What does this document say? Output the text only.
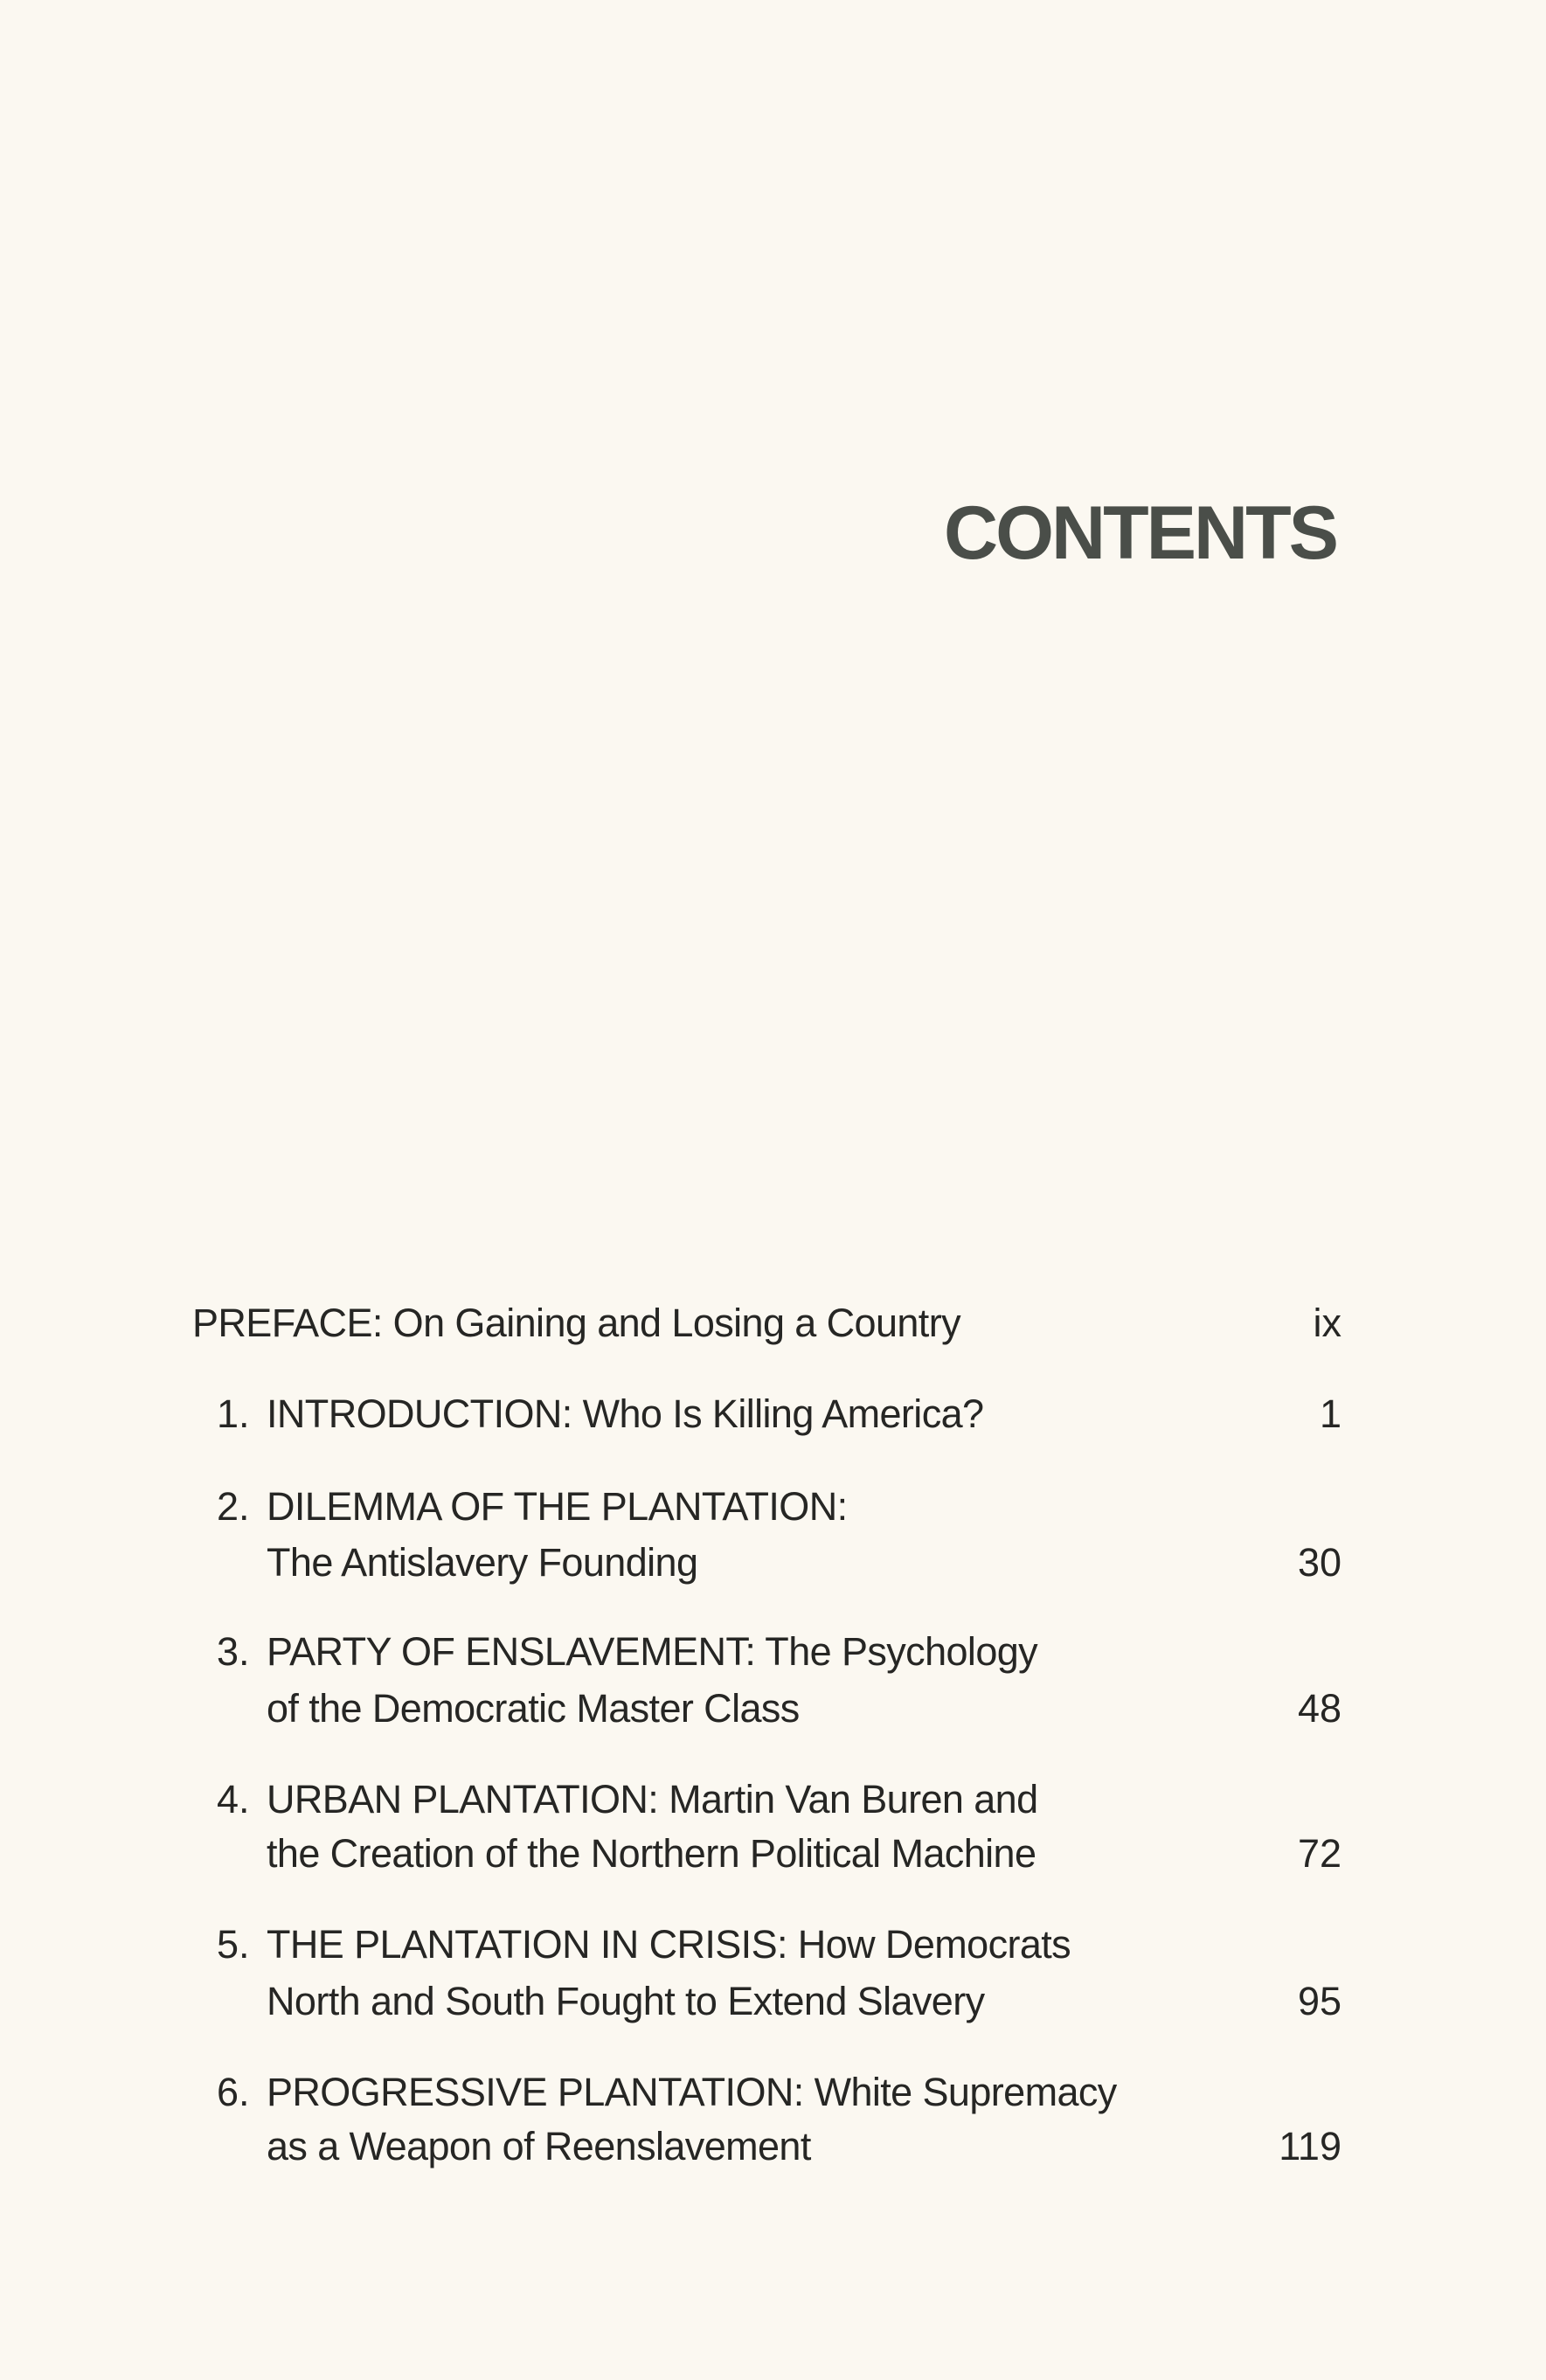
CONTENTS
PREFACE: On Gaining and Losing a Country	ix
1. INTRODUCTION: Who Is Killing America?	1
2. DILEMMA OF THE PLANTATION:
The Antislavery Founding	30
3. PARTY OF ENSLAVEMENT: The Psychology
of the Democratic Master Class	48
4. URBAN PLANTATION: Martin Van Buren and
the Creation of the Northern Political Machine	72
5. THE PLANTATION IN CRISIS: How Democrats
North and South Fought to Extend Slavery	95
6. PROGRESSIVE PLANTATION: White Supremacy
as a Weapon of Reenslavement	119
